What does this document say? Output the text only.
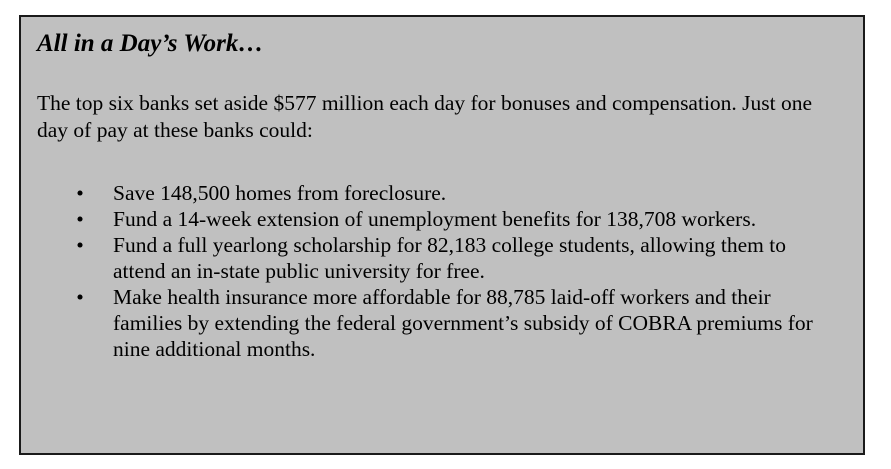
All in a Day’s Work…

The top six banks set aside $577 million each day for bonuses and compensation. Just one day of pay at these banks could:

• Save 148,500 homes from foreclosure.
• Fund a 14-week extension of unemployment benefits for 138,708 workers.
• Fund a full yearlong scholarship for 82,183 college students, allowing them to attend an in-state public university for free.
• Make health insurance more affordable for 88,785 laid-off workers and their families by extending the federal government’s subsidy of COBRA premiums for nine additional months.
